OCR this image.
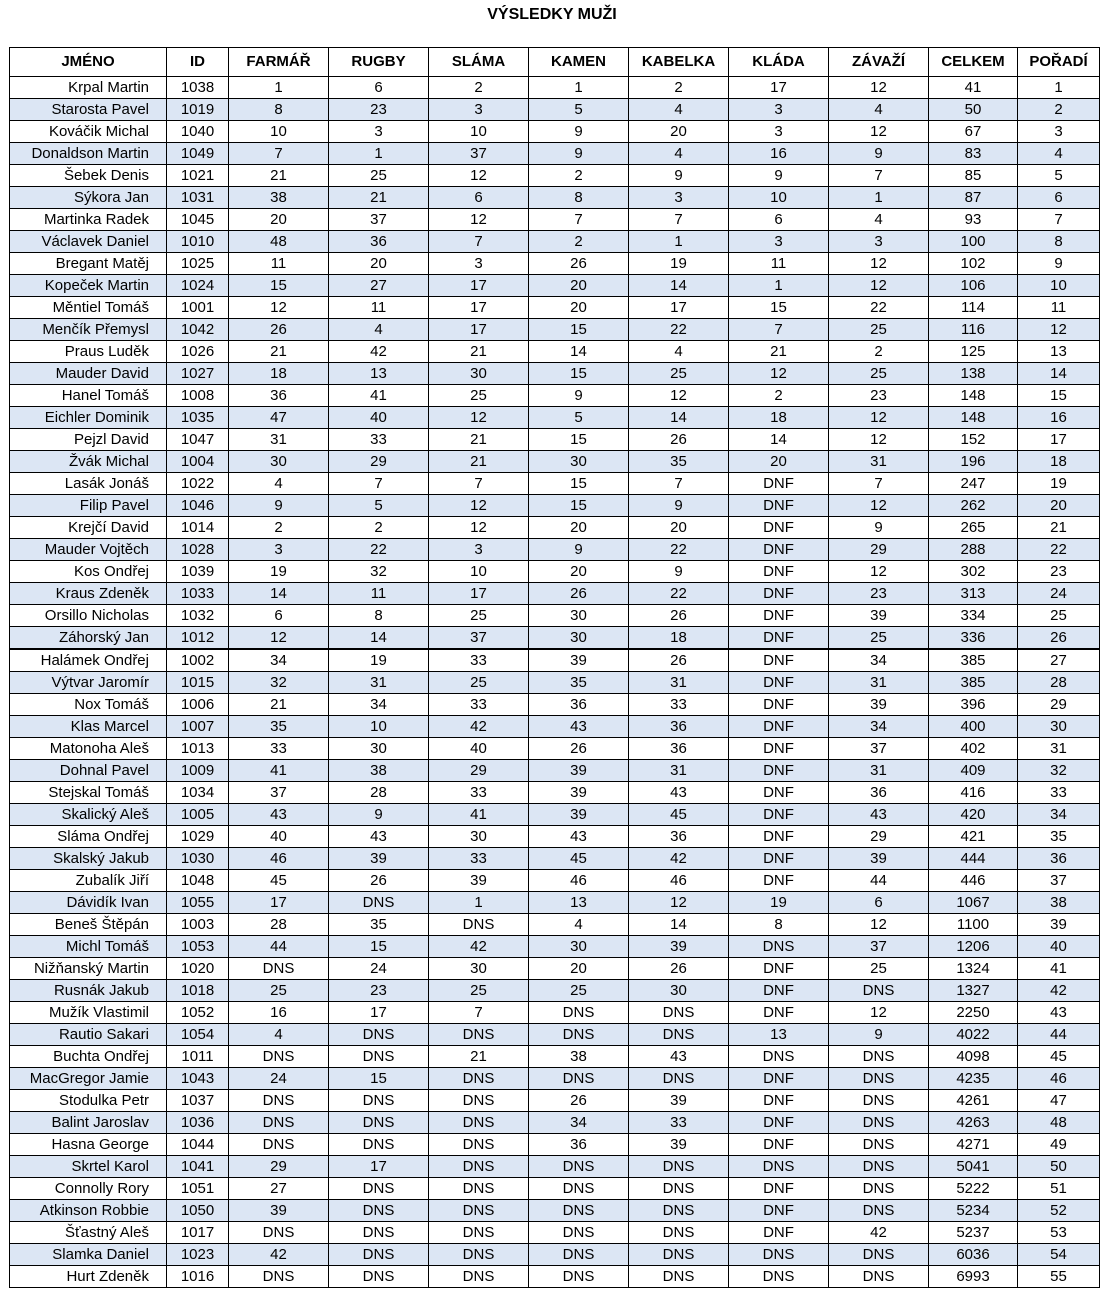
VÝSLEDKY MUŽI
JMÉNO	ID	FARMÁŘ	RUGBY	SLÁMA	KAMEN	KABELKA	KLÁDA	ZÁVAŽÍ	CELKEM	POŘADÍ
Krpal Martin	1038	1	6	2	1	2	17	12	41	1
Starosta Pavel	1019	8	23	3	5	4	3	4	50	2
Kováčik Michal	1040	10	3	10	9	20	3	12	67	3
Donaldson Martin	1049	7	1	37	9	4	16	9	83	4
Šebek Denis	1021	21	25	12	2	9	9	7	85	5
Sýkora Jan	1031	38	21	6	8	3	10	1	87	6
Martinka Radek	1045	20	37	12	7	7	6	4	93	7
Václavek Daniel	1010	48	36	7	2	1	3	3	100	8
Bregant Matěj	1025	11	20	3	26	19	11	12	102	9
Kopeček Martin	1024	15	27	17	20	14	1	12	106	10
Měntiel Tomáš	1001	12	11	17	20	17	15	22	114	11
Menčík Přemysl	1042	26	4	17	15	22	7	25	116	12
Praus Luděk	1026	21	42	21	14	4	21	2	125	13
Mauder David	1027	18	13	30	15	25	12	25	138	14
Hanel Tomáš	1008	36	41	25	9	12	2	23	148	15
Eichler Dominik	1035	47	40	12	5	14	18	12	148	16
Pejzl David	1047	31	33	21	15	26	14	12	152	17
Žvák Michal	1004	30	29	21	30	35	20	31	196	18
Lasák Jonáš	1022	4	7	7	15	7	DNF	7	247	19
Filip Pavel	1046	9	5	12	15	9	DNF	12	262	20
Krejčí David	1014	2	2	12	20	20	DNF	9	265	21
Mauder Vojtěch	1028	3	22	3	9	22	DNF	29	288	22
Kos Ondřej	1039	19	32	10	20	9	DNF	12	302	23
Kraus Zdeněk	1033	14	11	17	26	22	DNF	23	313	24
Orsillo Nicholas	1032	6	8	25	30	26	DNF	39	334	25
Záhorský Jan	1012	12	14	37	30	18	DNF	25	336	26
Halámek Ondřej	1002	34	19	33	39	26	DNF	34	385	27
Výtvar Jaromír	1015	32	31	25	35	31	DNF	31	385	28
Nox Tomáš	1006	21	34	33	36	33	DNF	39	396	29
Klas Marcel	1007	35	10	42	43	36	DNF	34	400	30
Matonoha Aleš	1013	33	30	40	26	36	DNF	37	402	31
Dohnal Pavel	1009	41	38	29	39	31	DNF	31	409	32
Stejskal Tomáš	1034	37	28	33	39	43	DNF	36	416	33
Skalický Aleš	1005	43	9	41	39	45	DNF	43	420	34
Sláma Ondřej	1029	40	43	30	43	36	DNF	29	421	35
Skalský Jakub	1030	46	39	33	45	42	DNF	39	444	36
Zubalík Jiří	1048	45	26	39	46	46	DNF	44	446	37
Dávidík Ivan	1055	17	DNS	1	13	12	19	6	1067	38
Beneš Štěpán	1003	28	35	DNS	4	14	8	12	1100	39
Michl Tomáš	1053	44	15	42	30	39	DNS	37	1206	40
Nižňanský Martin	1020	DNS	24	30	20	26	DNF	25	1324	41
Rusnák Jakub	1018	25	23	25	25	30	DNF	DNS	1327	42
Mužík Vlastimil	1052	16	17	7	DNS	DNS	DNF	12	2250	43
Rautio Sakari	1054	4	DNS	DNS	DNS	DNS	13	9	4022	44
Buchta Ondřej	1011	DNS	DNS	21	38	43	DNS	DNS	4098	45
MacGregor Jamie	1043	24	15	DNS	DNS	DNS	DNF	DNS	4235	46
Stodulka Petr	1037	DNS	DNS	DNS	26	39	DNF	DNS	4261	47
Balint Jaroslav	1036	DNS	DNS	DNS	34	33	DNF	DNS	4263	48
Hasna George	1044	DNS	DNS	DNS	36	39	DNF	DNS	4271	49
Skrtel Karol	1041	29	17	DNS	DNS	DNS	DNS	DNS	5041	50
Connolly Rory	1051	27	DNS	DNS	DNS	DNS	DNF	DNS	5222	51
Atkinson Robbie	1050	39	DNS	DNS	DNS	DNS	DNF	DNS	5234	52
Šťastný Aleš	1017	DNS	DNS	DNS	DNS	DNS	DNF	42	5237	53
Slamka Daniel	1023	42	DNS	DNS	DNS	DNS	DNS	DNS	6036	54
Hurt Zdeněk	1016	DNS	DNS	DNS	DNS	DNS	DNS	DNS	6993	55
